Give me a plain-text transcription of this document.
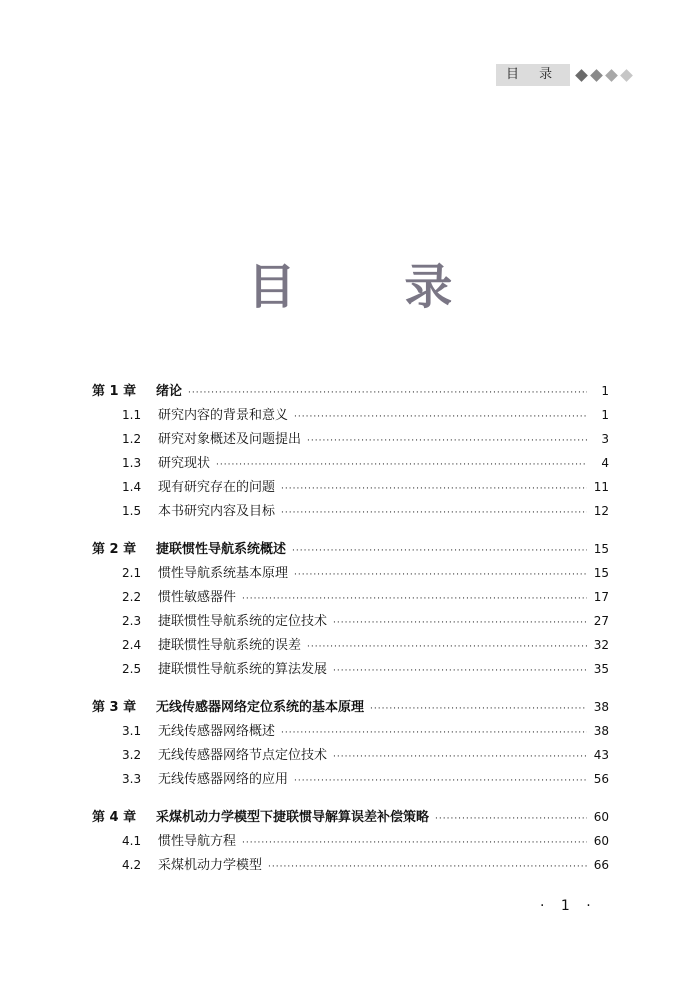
目 录
目 录
第 1 章	绪论 ·····	1
1.1	研究内容的背景和意义 ·····	1
1.2	研究对象概述及问题提出 ·····	3
1.3	研究现状 ·····	4
1.4	现有研究存在的问题 ·····	11
1.5	本书研究内容及目标 ·····	12
第 2 章	捷联惯性导航系统概述 ·····	15
2.1	惯性导航系统基本原理 ·····	15
2.2	惯性敏感器件 ·····	17
2.3	捷联惯性导航系统的定位技术 ·····	27
2.4	捷联惯性导航系统的误差 ·····	32
2.5	捷联惯性导航系统的算法发展 ·····	35
第 3 章	无线传感器网络定位系统的基本原理 ·····	38
3.1	无线传感器网络概述 ·····	38
3.2	无线传感器网络节点定位技术 ·····	43
3.3	无线传感器网络的应用 ·····	56
第 4 章	采煤机动力学模型下捷联惯导解算误差补偿策略 ·····	60
4.1	惯性导航方程 ·····	60
4.2	采煤机动力学模型 ·····	66
· 1 ·
